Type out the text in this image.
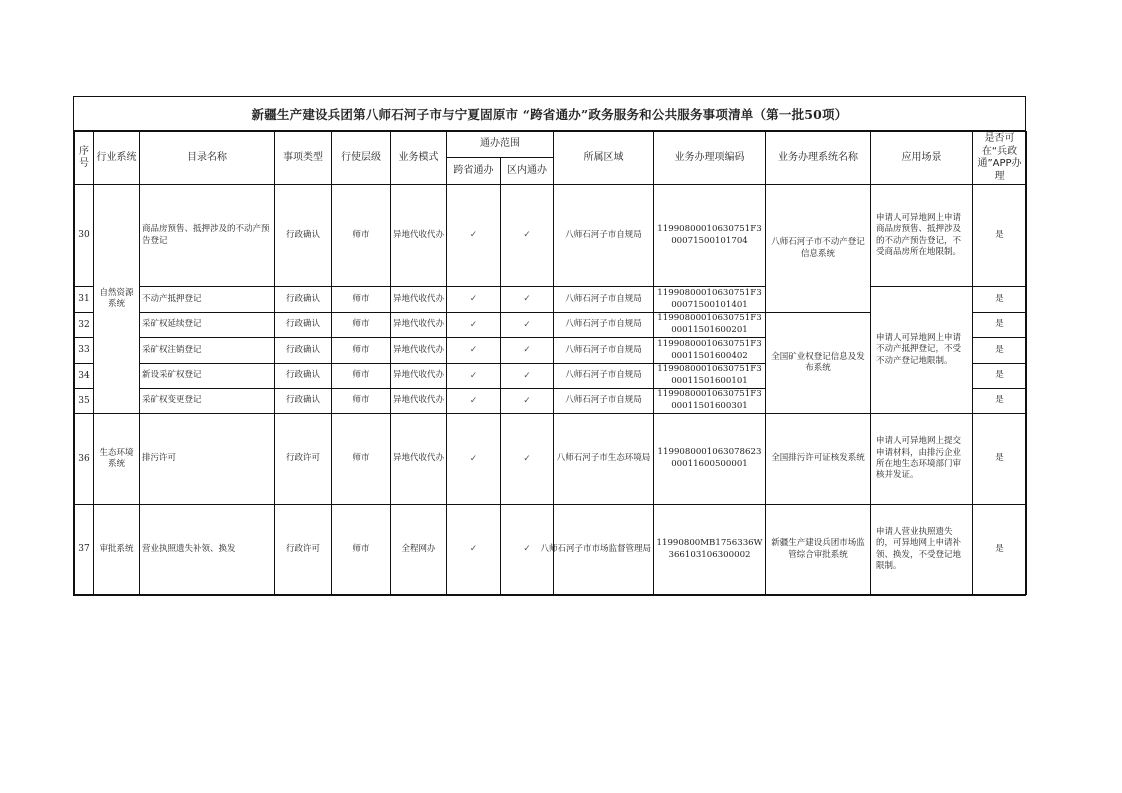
新疆生产建设兵团第八师石河子市与宁夏固原市 “跨省通办”政务服务和公共服务事项清单（第一批50项）
序号	行业系统	目录名称	事项类型	行使层级	业务模式	通办范围		所属区域	业务办理项编码	业务办理系统名称	应用场景	是否可在“兵政通”APP办理
						跨省通办	区内通办					
30	自然资源系统	商品房预售、抵押涉及的不动产预告登记	行政确认	师市	异地代收代办	✓	✓	八师石河子市自规局	11990800010630751F300071500101704	八师石河子市不动产登记信息系统	申请人可异地网上申请商品房预售、抵押涉及的不动产预告登记，不受商品房所在地限制。	是
31		不动产抵押登记	行政确认	师市	异地代收代办	✓	✓	八师石河子市自规局	11990800010630751F300071500101401		申请人可异地网上申请不动产抵押登记，不受不动产登记地限制。	是
32		采矿权延续登记	行政确认	师市	异地代收代办	✓	✓	八师石河子市自规局	11990800010630751F300011501600201	全国矿业权登记信息及发布系统		是
33		采矿权注销登记	行政确认	师市	异地代收代办	✓	✓	八师石河子市自规局	11990800010630751F300011501600402			是
34		新设采矿权登记	行政确认	师市	异地代收代办	✓	✓	八师石河子市自规局	11990800010630751F300011501600101			是
35		采矿权变更登记	行政确认	师市	异地代收代办	✓	✓	八师石河子市自规局	11990800010630751F300011501600301			是
36	生态环境系统	排污许可	行政许可	师市	异地代收代办	✓	✓	八师石河子市生态环境局	11990800010630786230001160050000​1	全国排污许可证核发系统	申请人可异地网上提交申请材料，由排污企业所在地生态环境部门审核并发证。	是
37	审批系统	营业执照遗失补领、换发	行政许可	师市	全程网办	✓	✓	八师石河子市市场监督管理局	11990800MB1756336W366103106300002	新疆生产建设兵团市场监管综合审批系统	申请人营业执照遗失的，可异地网上申请补领、换发，不受登记地限制。	是
